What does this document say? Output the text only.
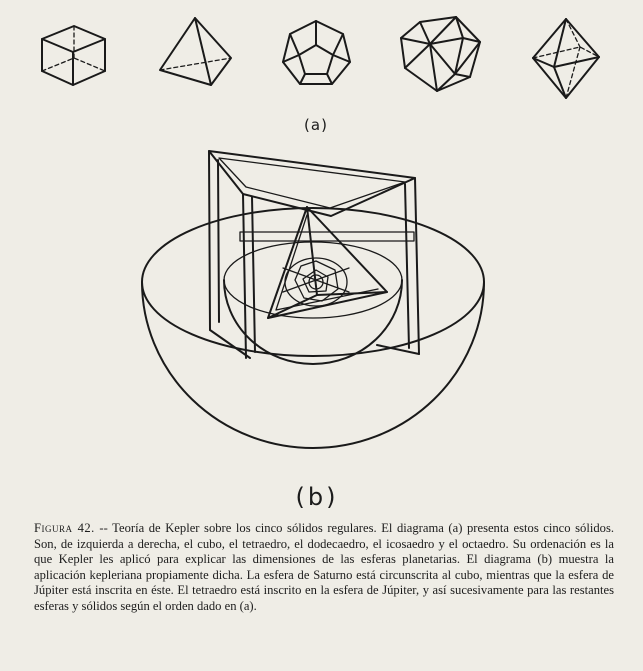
(a)
(b)
Figura 42. -- Teoría de Kepler sobre los cinco sólidos regulares. El diagrama (a) presenta estos cinco sólidos. Son, de izquierda a derecha, el cubo, el tetraedro, el dodecaedro, el icosaedro y el octaedro. Su ordenación es la que Kepler les aplicó para explicar las dimensiones de las esferas planetarias. El diagrama (b) muestra la aplicación kepleriana propiamente dicha. La esfera de Saturno está circunscrita al cubo, mientras que la esfera de Júpiter está inscrita en éste. El tetraedro está inscrito en la esfera de Júpiter, y así sucesivamente para las restantes esferas y sólidos según el orden dado en (a).
